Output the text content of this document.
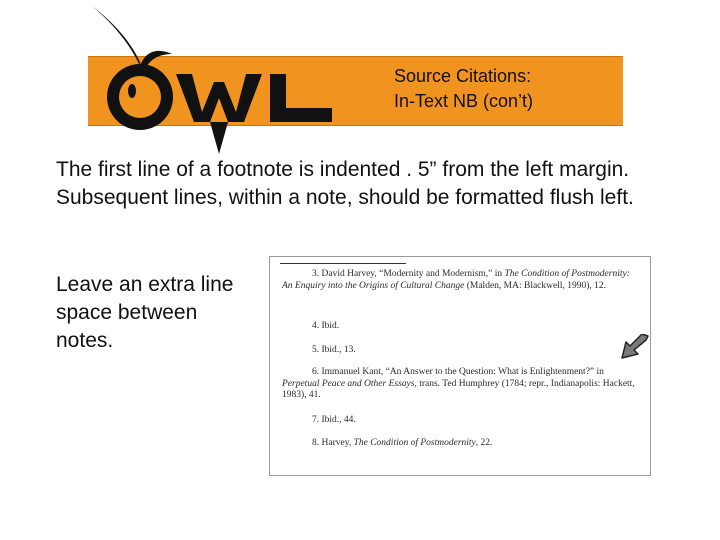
Source Citations:
In-Text NB (con’t)

The first line of a footnote is indented . 5” from the left margin. Subsequent lines, within a note, should be formatted flush left.

Leave an extra line space between notes.

3. David Harvey, “Modernity and Modernism,” in The Condition of Postmodernity: An Enquiry into the Origins of Cultural Change (Malden, MA: Blackwell, 1990), 12.

4. Ibid.

5. Ibid., 13.

6. Immanuel Kant, “An Answer to the Question: What is Enlightenment?” in Perpetual Peace and Other Essays, trans. Ted Humphrey (1784; repr., Indianapolis: Hackett, 1983), 41.

7. Ibid., 44.

8. Harvey, The Condition of Postmodernity, 22.
